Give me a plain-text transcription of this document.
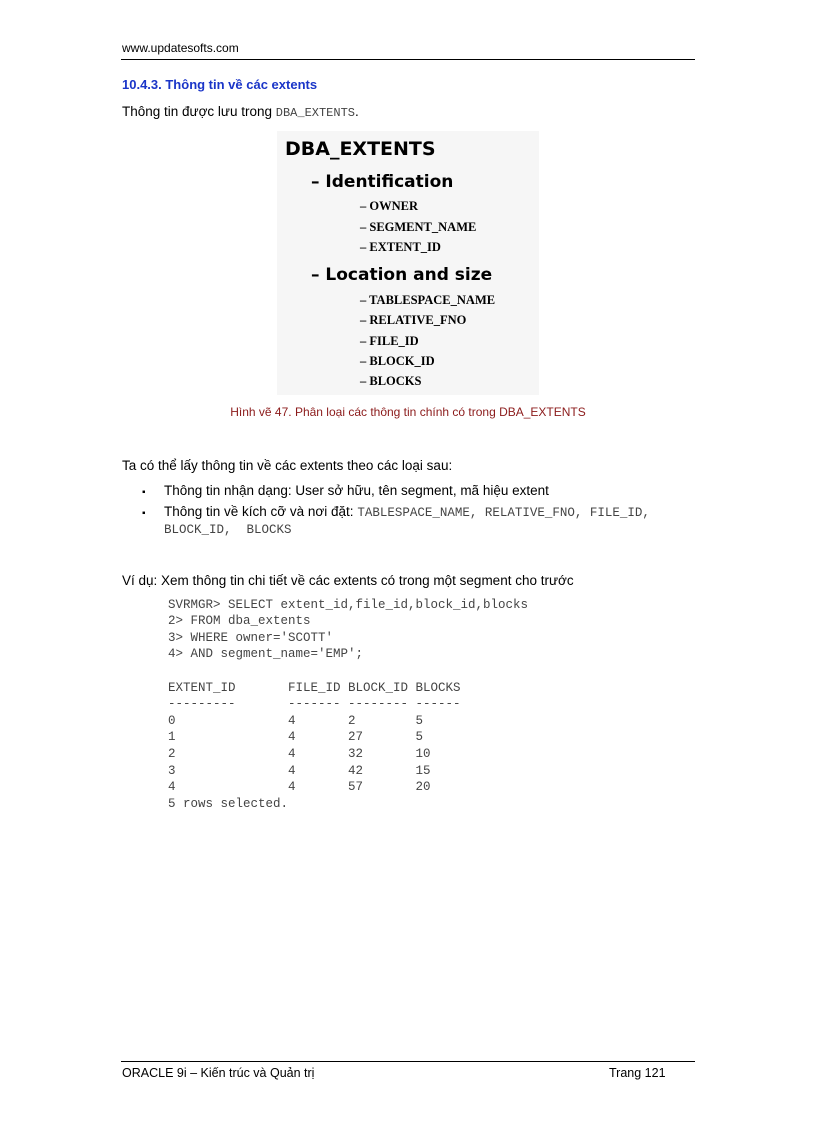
www.updatesofts.com
10.4.3. Thông tin về các extents
Thông tin được lưu trong DBA_EXTENTS.
DBA_EXTENTS
– Identification
– OWNER
– SEGMENT_NAME
– EXTENT_ID
– Location and size
– TABLESPACE_NAME
– RELATIVE_FNO
– FILE_ID
– BLOCK_ID
– BLOCKS
Hình vẽ 47. Phân loại các thông tin chính có trong DBA_EXTENTS
Ta có thể lấy thông tin về các extents theo các loại sau:
▪ Thông tin nhận dạng: User sở hữu, tên segment, mã hiệu extent
▪ Thông tin về kích cỡ và nơi đặt: TABLESPACE_NAME, RELATIVE_FNO, FILE_ID,
BLOCK_ID,  BLOCKS
Ví dụ: Xem thông tin chi tiết về các extents có trong một segment cho trước
SVRMGR> SELECT extent_id,file_id,block_id,blocks
2> FROM dba_extents
3> WHERE owner='SCOTT'
4> AND segment_name='EMP';
EXTENT_ID       FILE_ID BLOCK_ID BLOCKS
---------       ------- -------- ------
0               4       2        5
1               4       27       5
2               4       32       10
3               4       42       15
4               4       57       20
5 rows selected.
ORACLE 9i – Kiến trúc và Quản trị	Trang 121
